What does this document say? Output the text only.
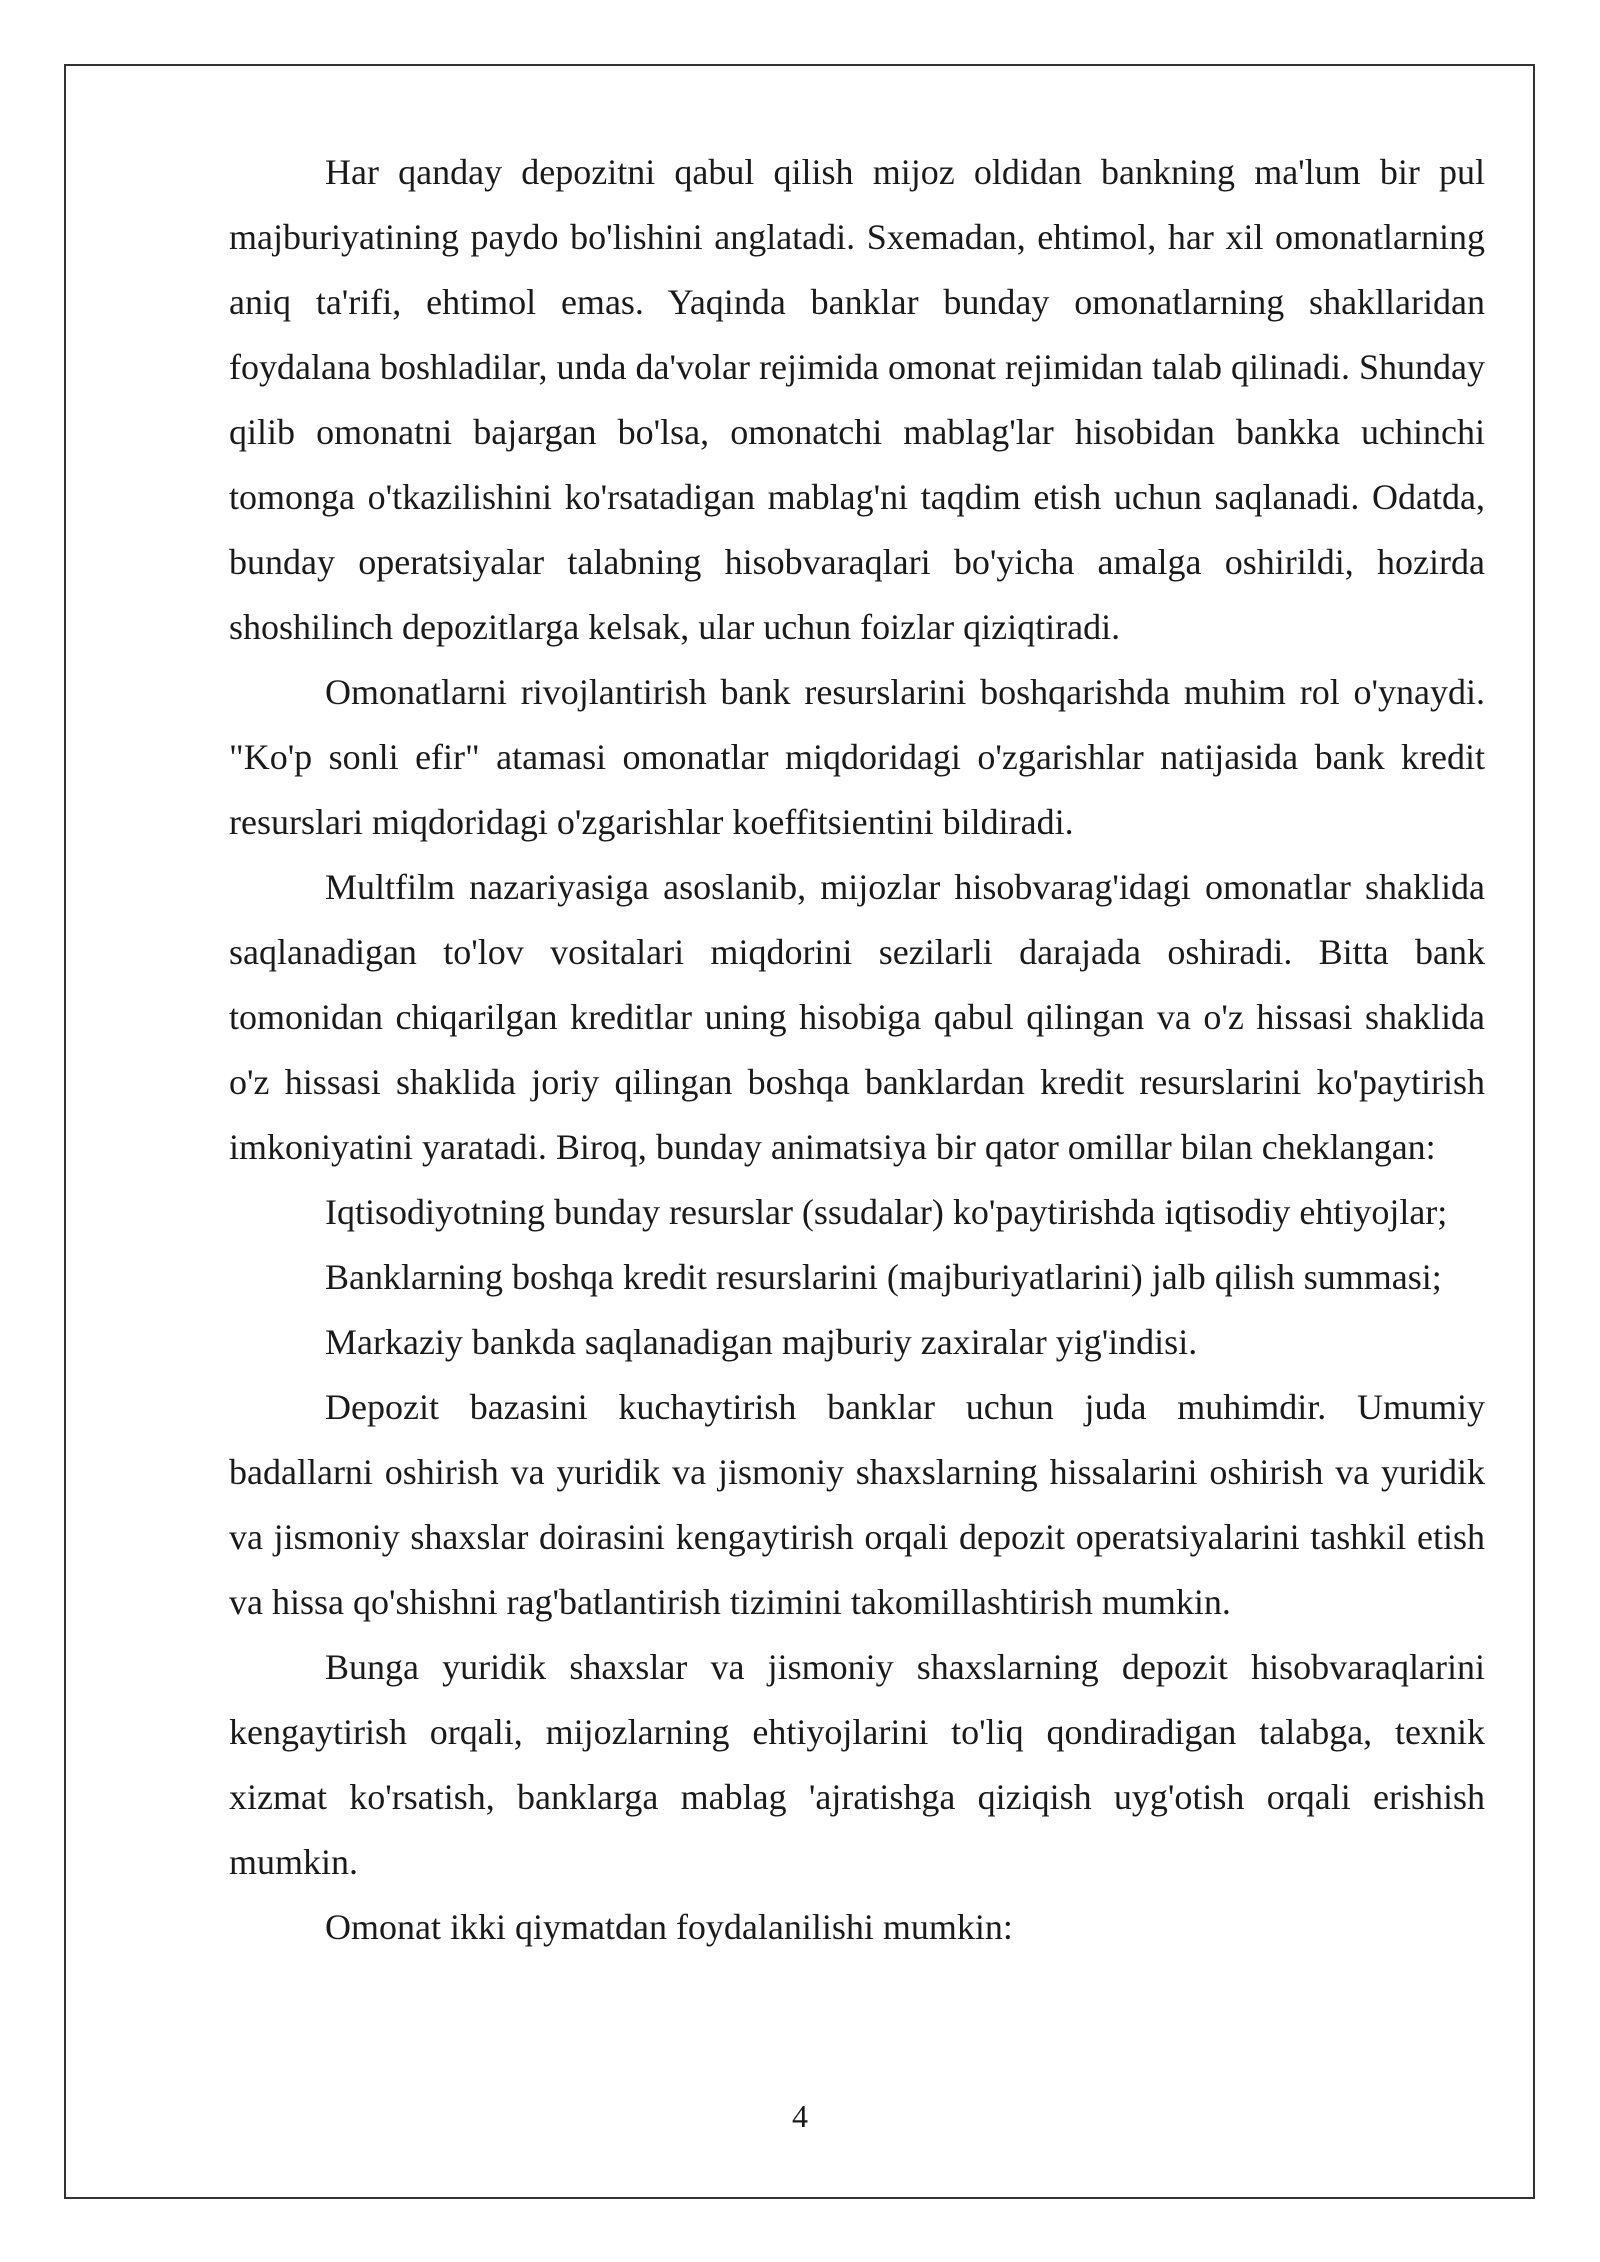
Har qanday depozitni qabul qilish mijoz oldidan bankning ma'lum bir pul majburiyatining paydo bo'lishini anglatadi. Sxemadan, ehtimol, har xil omonatlarning aniq ta'rifi, ehtimol emas. Yaqinda banklar bunday omonatlarning shakllaridan foydalana boshladilar, unda da'volar rejimida omonat rejimidan talab qilinadi. Shunday qilib omonatni bajargan bo'lsa, omonatchi mablag'lar hisobidan bankka uchinchi tomonga o'tkazilishini ko'rsatadigan mablag'ni taqdim etish uchun saqlanadi. Odatda, bunday operatsiyalar talabning hisobvaraqlari bo'yicha amalga oshirildi, hozirda shoshilinch depozitlarga kelsak, ular uchun foizlar qiziqtiradi.

Omonatlarni rivojlantirish bank resurslarini boshqarishda muhim rol o'ynaydi. "Ko'p sonli efir" atamasi omonatlar miqdoridagi o'zgarishlar natijasida bank kredit resurslari miqdoridagi o'zgarishlar koeffitsientini bildiradi.

Multfilm nazariyasiga asoslanib, mijozlar hisobvarag'idagi omonatlar shaklida saqlanadigan to'lov vositalari miqdorini sezilarli darajada oshiradi. Bitta bank tomonidan chiqarilgan kreditlar uning hisobiga qabul qilingan va o'z hissasi shaklida o'z hissasi shaklida joriy qilingan boshqa banklardan kredit resurslarini ko'paytirish imkoniyatini yaratadi. Biroq, bunday animatsiya bir qator omillar bilan cheklangan:

Iqtisodiyotning bunday resurslar (ssudalar) ko'paytirishda iqtisodiy ehtiyojlar;

Banklarning boshqa kredit resurslarini (majburiyatlarini) jalb qilish summasi;

Markaziy bankda saqlanadigan majburiy zaxiralar yig'indisi.

Depozit bazasini kuchaytirish banklar uchun juda muhimdir. Umumiy badallarni oshirish va yuridik va jismoniy shaxslarning hissalarini oshirish va yuridik va jismoniy shaxslar doirasini kengaytirish orqali depozit operatsiyalarini tashkil etish va hissa qo'shishni rag'batlantirish tizimini takomillashtirish mumkin.

Bunga yuridik shaxslar va jismoniy shaxslarning depozit hisobvaraqlarini kengaytirish orqali, mijozlarning ehtiyojlarini to'liq qondiradigan talabga, texnik xizmat ko'rsatish, banklarga mablag 'ajratishga qiziqish uyg'otish orqali erishish mumkin.

Omonat ikki qiymatdan foydalanilishi mumkin:

4
